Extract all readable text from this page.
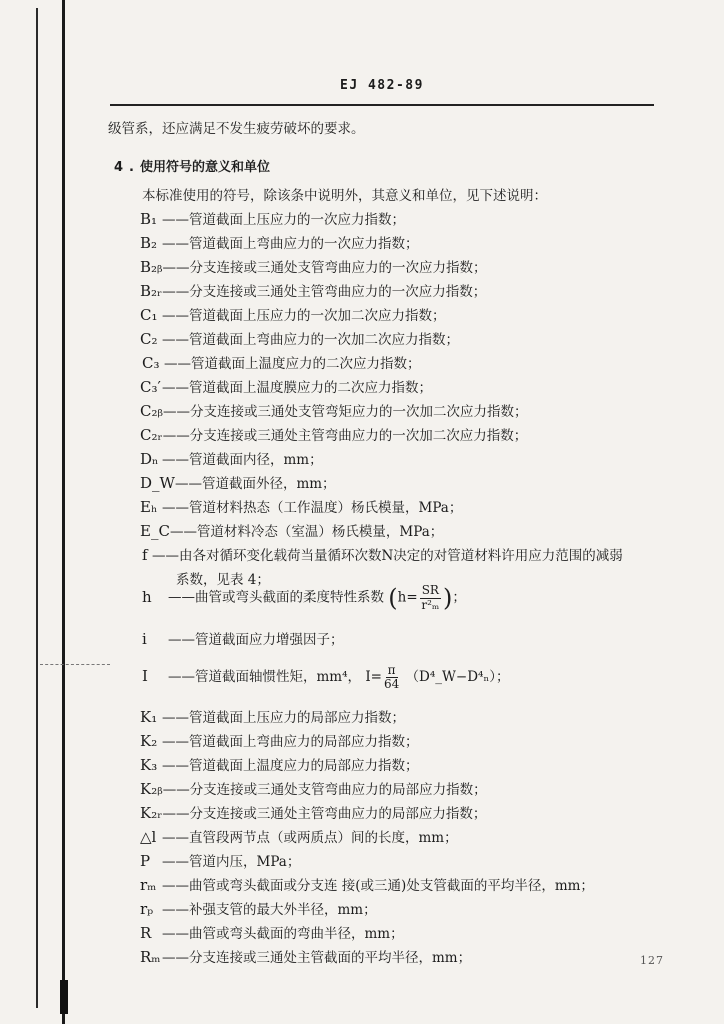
EJ 482-89
级管系，还应满足不发生疲劳破坏的要求。
4 . 使用符号的意义和单位
本标准使用的符号，除该条中说明外，其意义和单位，见下述说明：
B₁ ——管道截面上压应力的一次应力指数；
B₂ ——管道截面上弯曲应力的一次应力指数；
B₂ᵦ——分支连接或三通处支管弯曲应力的一次应力指数；
B₂ᵣ——分支连接或三通处主管弯曲应力的一次应力指数；
C₁ ——管道截面上压应力的一次加二次应力指数；
C₂ ——管道截面上弯曲应力的一次加二次应力指数；
C₃ ——管道截面上温度应力的二次应力指数；
C₃′——管道截面上温度膜应力的二次应力指数；
C₂ᵦ——分支连接或三通处支管弯矩应力的一次加二次应力指数；
C₂ᵣ——分支连接或三通处主管弯曲应力的一次加二次应力指数；
Dₙ ——管道截面内径，mm；
D_W——管道截面外径，mm；
Eₕ ——管道材料热态（工作温度）杨氏模量，MPa；
E_C——管道材料冷态（室温）杨氏模量，MPa；
f ——由各对循环变化载荷当量循环次数N决定的对管道材料许用应力范围的减弱
系数，见表 4；
h ——曲管或弯头截面的柔度特性系数 ($h= \frac{SR}{\text{r²ₘ}}$ )；
i ——管道截面应力增强因子；
I ——管道截面轴惯性矩，mm⁴， $I= \frac{\pi}{64}$ （D⁴_W−D⁴ₙ）；
K₁ ——管道截面上压应力的局部应力指数；
K₂ ——管道截面上弯曲应力的局部应力指数；
K₃ ——管道截面上温度应力的局部应力指数；
K₂ᵦ——分支连接或三通处支管弯曲应力的局部应力指数；
K₂ᵣ——分支连接或三通处主管弯曲应力的局部应力指数；
△l ——直管段两节点（或两质点）间的长度，mm；
P ——管道内压，MPa；
rₘ ——曲管或弯头截面或分支连 接(或三通)处支管截面的平均半径，mm；
rₚ ——补强支管的最大外半径，mm；
R ——曲管或弯头截面的弯曲半径，mm；
Rₘ ——分支连接或三通处主管截面的平均半径，mm；	127
